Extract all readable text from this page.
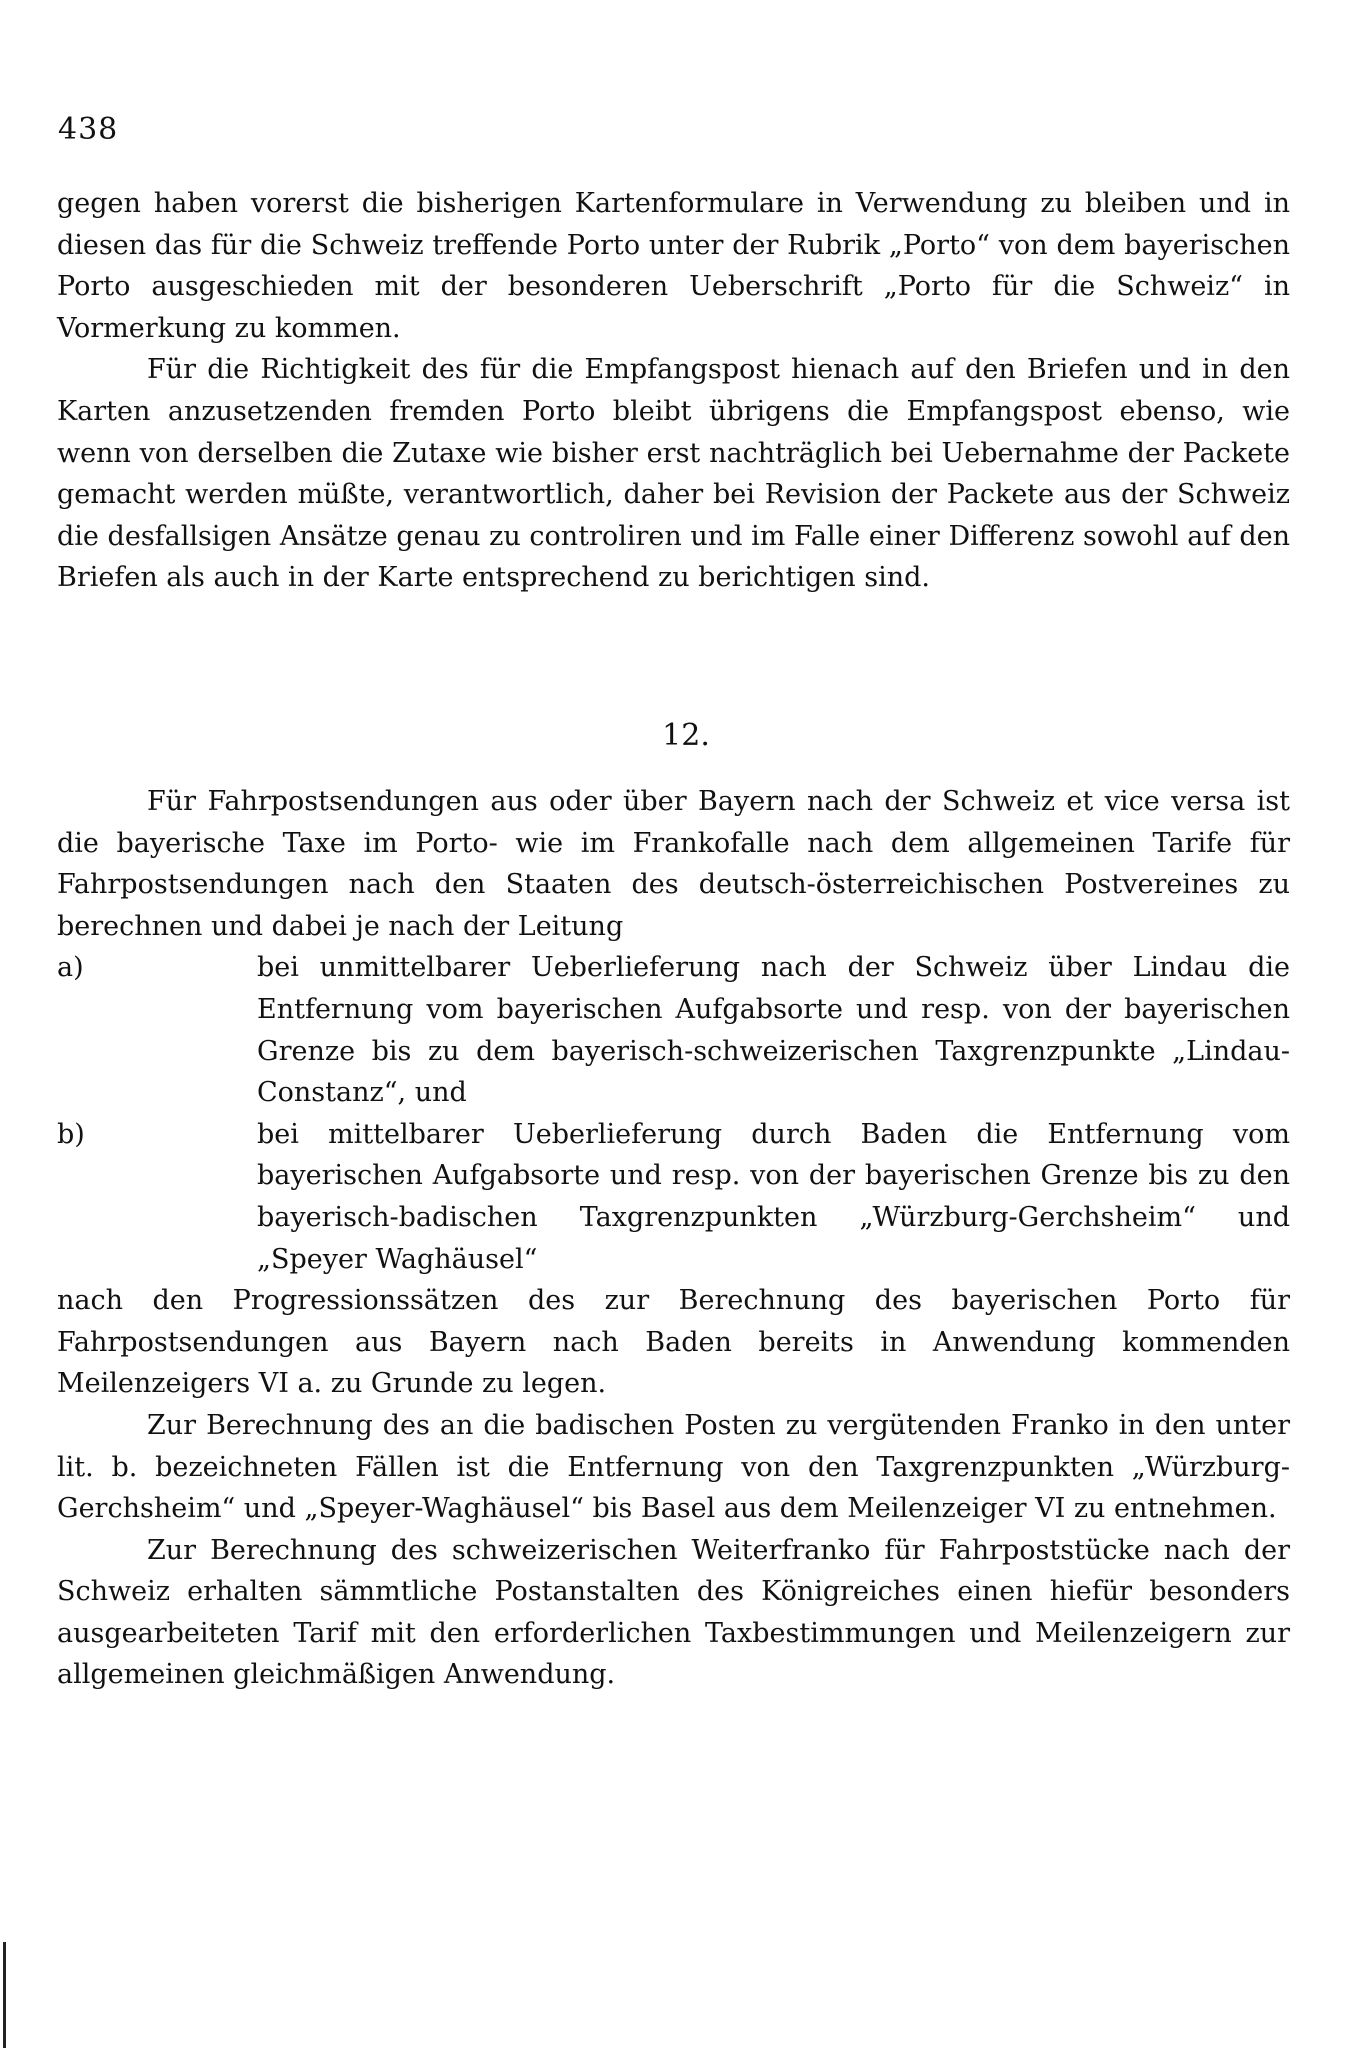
438

gegen haben vorerst die bisherigen Kartenformulare in Verwendung zu bleiben und in diesen das für die Schweiz treffende Porto unter der Rubrik „Porto“ von dem bayerischen Porto ausgeschieden mit der besonderen Ueberschrift „Porto für die Schweiz“ in Vormerkung zu kommen.

Für die Richtigkeit des für die Empfangspost hienach auf den Briefen und in den Karten anzusetzenden fremden Porto bleibt übrigens die Empfangspost ebenso, wie wenn von derselben die Zutaxe wie bisher erst nachträglich bei Uebernahme der Packete gemacht werden müßte, verantwortlich, daher bei Revision der Packete aus der Schweiz die desfallsigen Ansätze genau zu controliren und im Falle einer Differenz sowohl auf den Briefen als auch in der Karte entsprechend zu berichtigen sind.

12.

Für Fahrpostsendungen aus oder über Bayern nach der Schweiz et vice versa ist die bayerische Taxe im Porto- wie im Frankofalle nach dem allgemeinen Tarife für Fahrpostsendungen nach den Staaten des deutsch-österreichischen Postvereines zu berechnen und dabei je nach der Leitung

a)	bei unmittelbarer Ueberlieferung nach der Schweiz über Lindau die Entfernung vom bayerischen Aufgabsorte und resp. von der bayerischen Grenze bis zu dem bayerisch-schweizerischen Taxgrenzpunkte „Lindau-Constanz“, und
b)	bei mittelbarer Ueberlieferung durch Baden die Entfernung vom bayerischen Aufgabsorte und resp. von der bayerischen Grenze bis zu den bayerisch-badischen Taxgrenzpunkten „Würzburg-Gerchsheim“ und „Speyer Waghäusel“

nach den Progressionssätzen des zur Berechnung des bayerischen Porto für Fahrpostsendungen aus Bayern nach Baden bereits in Anwendung kommenden Meilenzeigers VI a. zu Grunde zu legen.

Zur Berechnung des an die badischen Posten zu vergütenden Franko in den unter lit. b. bezeichneten Fällen ist die Entfernung von den Taxgrenzpunkten „Würzburg-Gerchsheim“ und „Speyer-Waghäusel“ bis Basel aus dem Meilenzeiger VI zu entnehmen.

Zur Berechnung des schweizerischen Weiterfranko für Fahrpoststücke nach der Schweiz erhalten sämmtliche Postanstalten des Königreiches einen hiefür besonders ausgearbeiteten Tarif mit den erforderlichen Taxbestimmungen und Meilenzeigern zur allgemeinen gleichmäßigen Anwendung.
